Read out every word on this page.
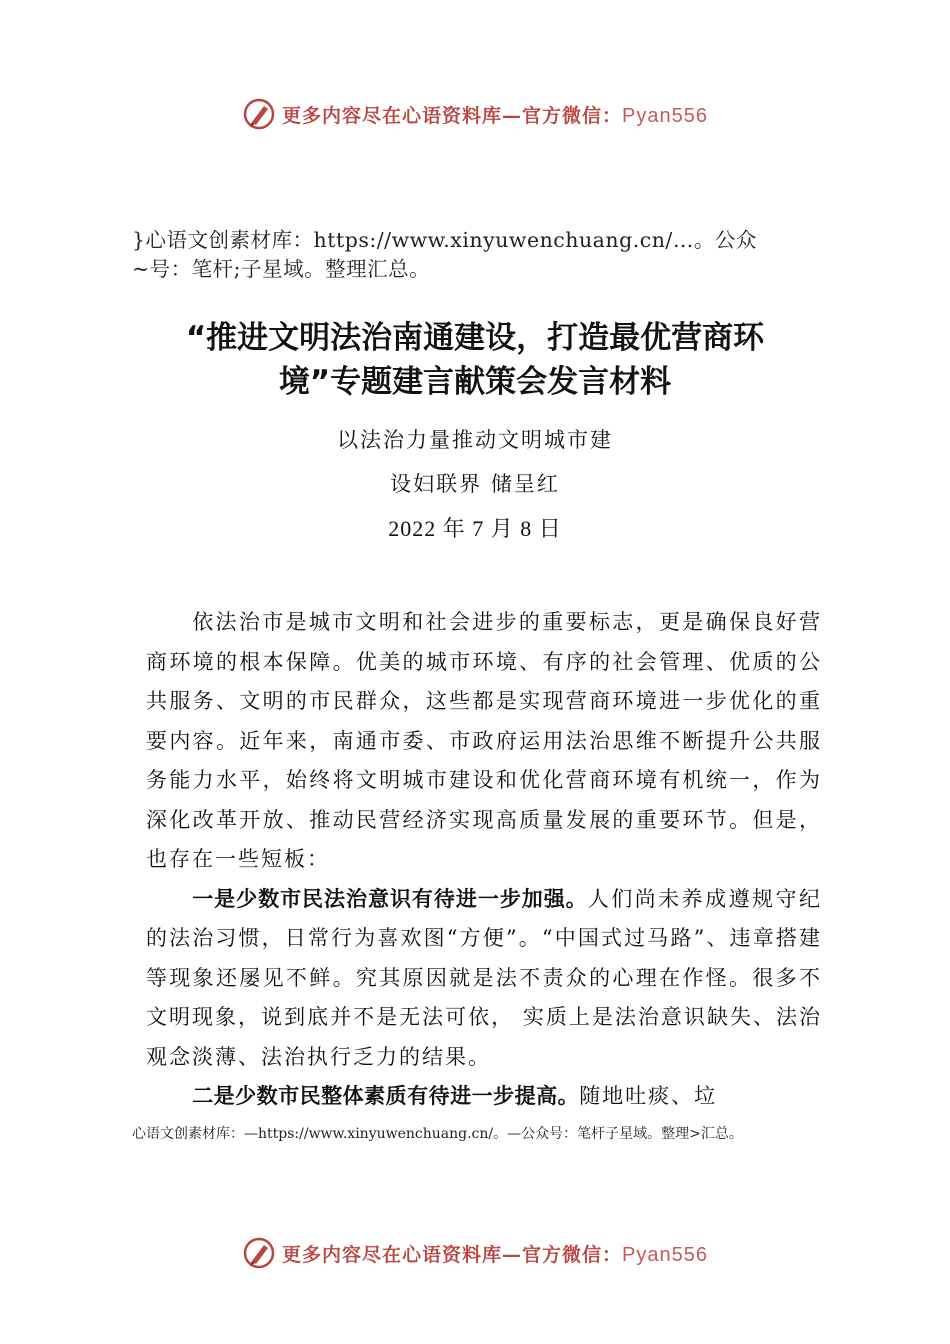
更多内容尽在心语资料库—官方微信：Pyan556
}心语文创素材库：https://www.xinyuwenchuang.cn/…。公众
~号：笔杆;子星域。整理汇总。
“推进文明法治南通建设，打造最优营商环
境”专题建言献策会发言材料
以法治力量推动文明城市建
设妇联界 储呈红
2022 年 7 月 8 日

依法治市是城市文明和社会进步的重要标志，更是确保良好营商环境的根本保障。优美的城市环境、有序的社会管理、优质的公共服务、文明的市民群众，这些都是实现营商环境进一步优化的重要内容。近年来，南通市委、市政府运用法治思维不断提升公共服务能力水平，始终将文明城市建设和优化营商环境有机统一，作为深化改革开放、推动民营经济实现高质量发展的重要环节。但是，也存在一些短板：

一是少数市民法治意识有待进一步加强。人们尚未养成遵规守纪的法治习惯，日常行为喜欢图“方便”。“中国式过马路”、违章搭建等现象还屡见不鲜。究其原因就是法不责众的心理在作怪。很多不文明现象，说到底并不是无法可依， 实质上是法治意识缺失、法治观念淡薄、法治执行乏力的结果。

二是少数市民整体素质有待进一步提高。随地吐痰、垃

心语文创素材库：—https://www.xinyuwenchuang.cn/。—公众号：笔杆子星域。整理>汇总。
更多内容尽在心语资料库—官方微信：Pyan556
